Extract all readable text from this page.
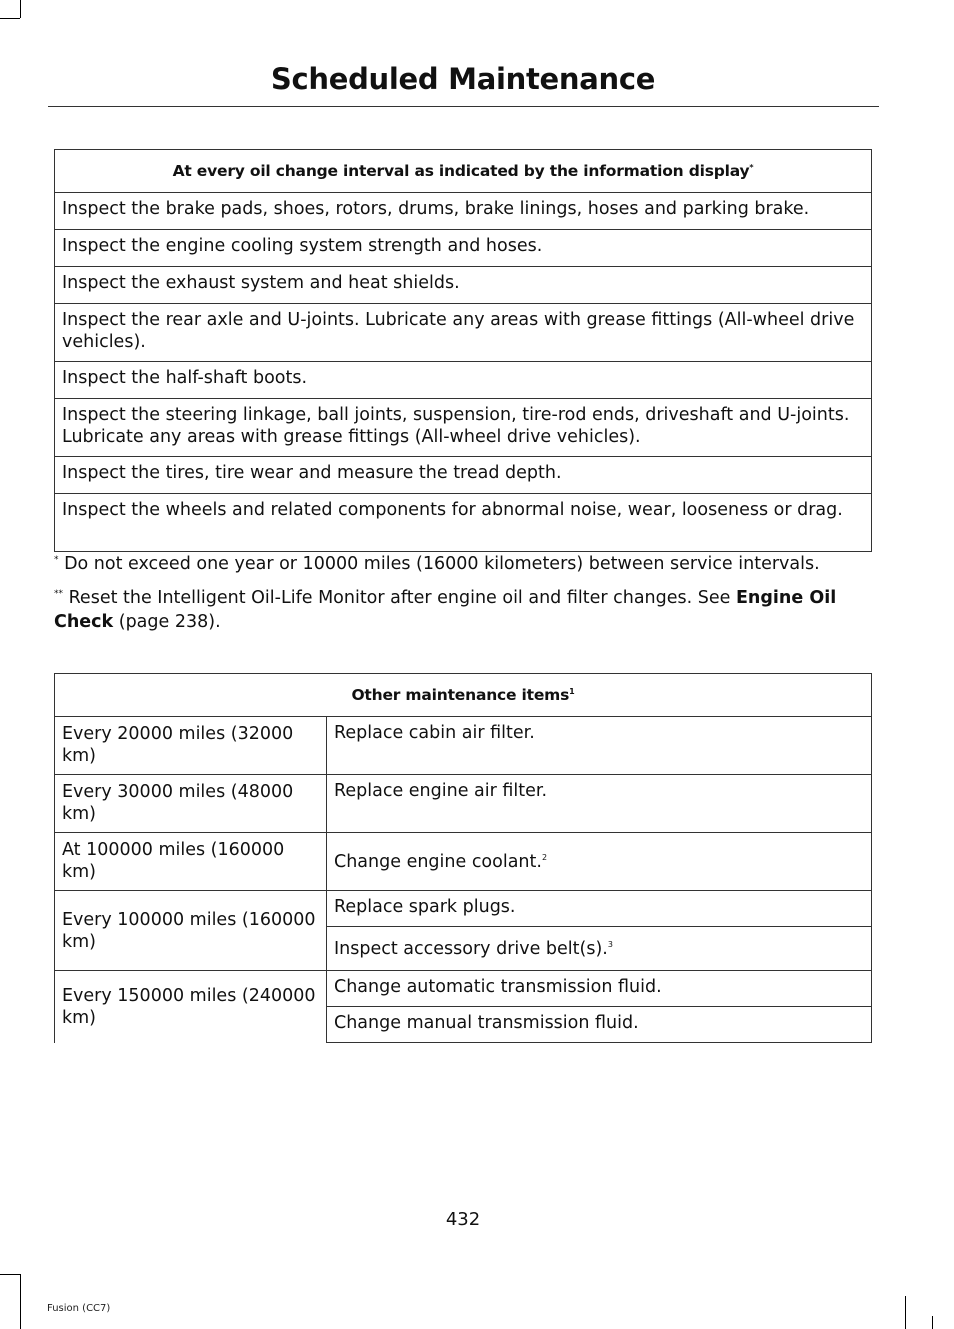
Scheduled Maintenance
At every oil change interval as indicated by the information display*
Inspect the brake pads, shoes, rotors, drums, brake linings, hoses and parking brake.
Inspect the engine cooling system strength and hoses.
Inspect the exhaust system and heat shields.
Inspect the rear axle and U-joints. Lubricate any areas with grease fittings (All-wheel drive vehicles).
Inspect the half-shaft boots.
Inspect the steering linkage, ball joints, suspension, tire-rod ends, driveshaft and U-joints. Lubricate any areas with grease fittings (All-wheel drive vehicles).
Inspect the tires, tire wear and measure the tread depth.
Inspect the wheels and related components for abnormal noise, wear, looseness or drag.
* Do not exceed one year or 10000 miles (16000 kilometers) between service intervals.
** Reset the Intelligent Oil-Life Monitor after engine oil and filter changes. See Engine Oil Check (page 238).
Other maintenance items$^1$
Every 20000 miles (32000 km)	Replace cabin air filter.
Every 30000 miles (48000 km)	Replace engine air filter.
At 100000 miles (160000 km)	Change engine coolant.$^2$
Every 100000 miles (160000 km)	Replace spark plugs.
	Inspect accessory drive belt(s).$^3$
Every 150000 miles (240000 km)	Change automatic transmission fluid.
	Change manual transmission fluid.
432
Fusion (CC7)
